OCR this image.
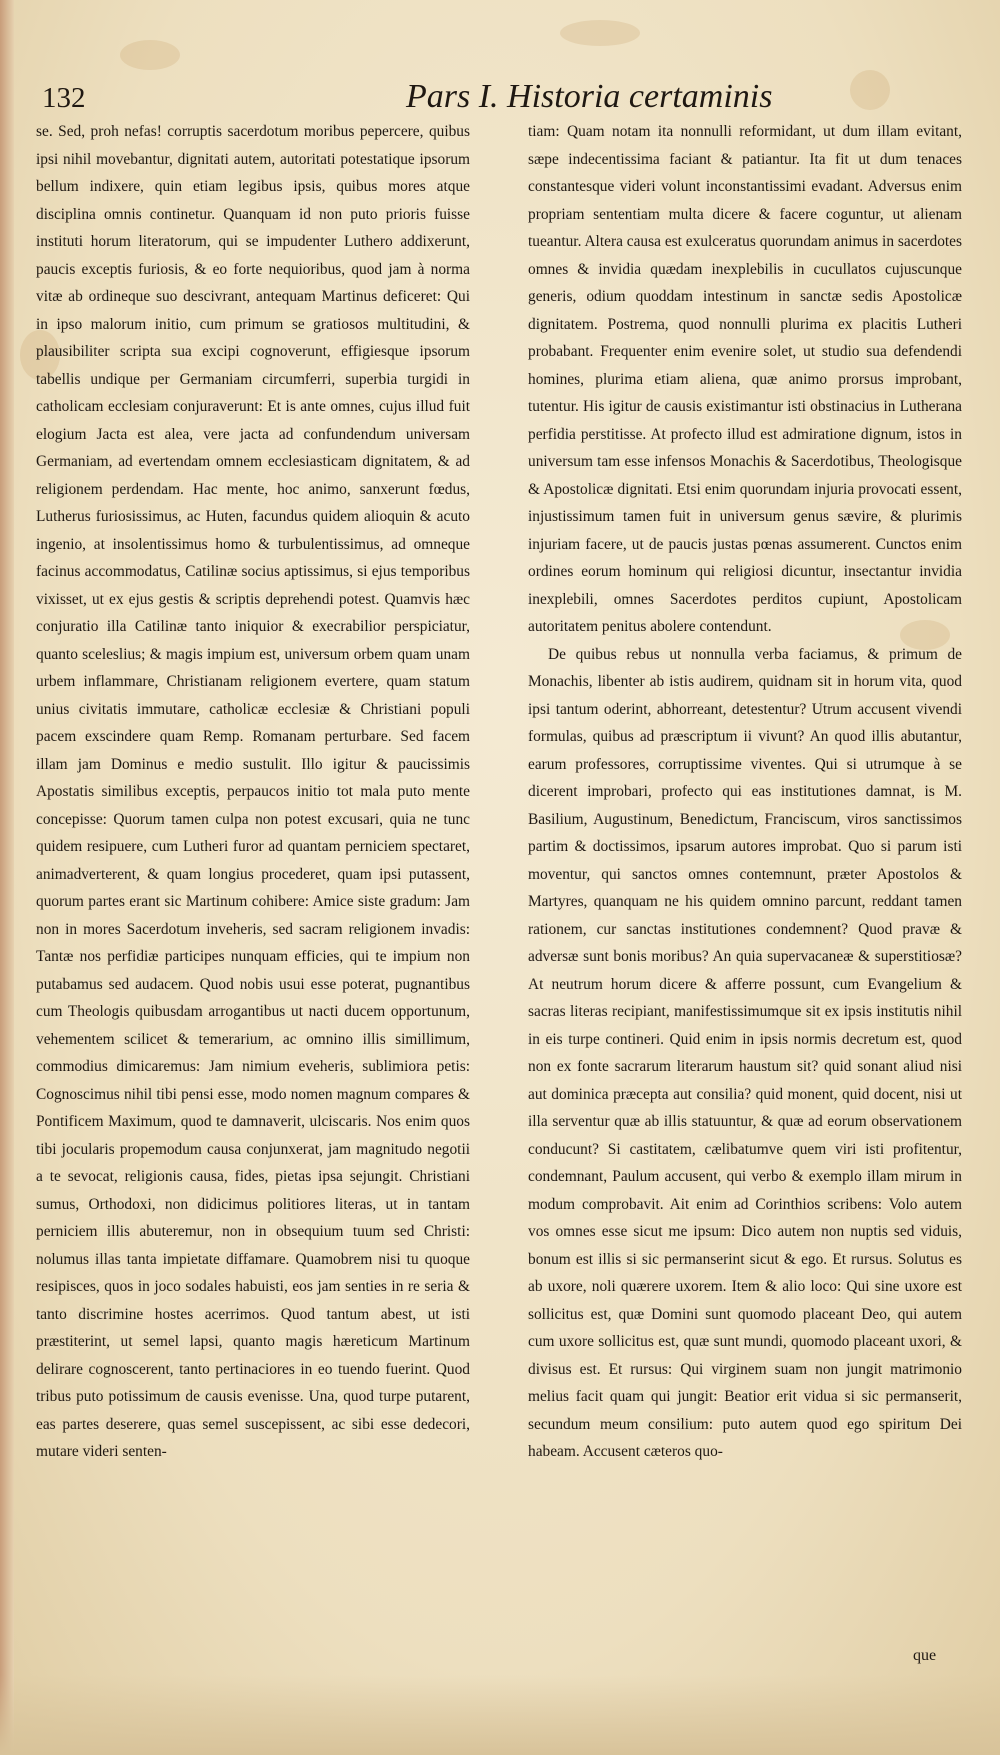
132	Pars I. Historia certaminis

se. Sed, proh nefas! corruptis sacerdotum moribus pepercere, quibus ipsi nihil movebantur, dignitati autem, autoritati potestatique ipsorum bellum indixere, quin etiam legibus ipsis, quibus mores atque disciplina omnis continetur. Quanquam id non puto prioris fuisse instituti horum literatorum, qui se impudenter Luthero addixerunt, paucis exceptis furiosis, & eo forte nequioribus, quod jam à norma vitæ ab ordineque suo descivrant, antequam Martinus deficeret: Qui in ipso malorum initio, cum primum se gratiosos multitudini, & plausibiliter scripta sua excipi cognoverunt, effigiesque ipsorum tabellis undique per Germaniam circumferri, superbia turgidi in catholicam ecclesiam conjuraverunt: Et is ante omnes, cujus illud fuit elogium Jacta est alea, vere jacta ad confundendum universam Germaniam, ad evertendam omnem ecclesiasticam dignitatem, & ad religionem perdendam. Hac mente, hoc animo, sanxerunt fœdus, Lutherus furiosissimus, ac Huten, facundus quidem alioquin & acuto ingenio, at insolentissimus homo & turbulentissimus, ad omneque facinus accommodatus, Catilinæ socius aptissimus, si ejus temporibus vixisset, ut ex ejus gestis & scriptis deprehendi potest. Quamvis hæc conjuratio illa Catilinæ tanto iniquior & execrabilior perspiciatur, quanto sceleslius; & magis impium est, universum orbem quam unam urbem inflammare, Christianam religionem evertere, quam statum unius civitatis immutare, catholicæ ecclesiæ & Christiani populi pacem exscindere quam Remp. Romanam perturbare. Sed facem illam jam Dominus e medio sustulit. Illo igitur & paucissimis Apostatis similibus exceptis, perpaucos initio tot mala puto mente concepisse: Quorum tamen culpa non potest excusari, quia ne tunc quidem resipuere, cum Lutheri furor ad quantam perniciem spectaret, animadverterent, & quam longius procederet, quam ipsi putassent, quorum partes erant sic Martinum cohibere: Amice siste gradum: Jam non in mores Sacerdotum inveheris, sed sacram religionem invadis: Tantæ nos perfidiæ participes nunquam efficies, qui te impium non putabamus sed audacem. Quod nobis usui esse poterat, pugnantibus cum Theologis quibusdam arrogantibus ut nacti ducem opportunum, vehementem scilicet & temerarium, ac omnino illis simillimum, commodius dimicaremus: Jam nimium eveheris, sublimiora petis: Cognoscimus nihil tibi pensi esse, modo nomen magnum compares & Pontificem Maximum, quod te damnaverit, ulciscaris. Nos enim quos tibi jocularis propemodum causa conjunxerat, jam magnitudo negotii a te sevocat, religionis causa, fides, pietas ipsa sejungit. Christiani sumus, Orthodoxi, non didicimus politiores literas, ut in tantam perniciem illis abuteremur, non in obsequium tuum sed Christi: nolumus illas tanta impietate diffamare. Quamobrem nisi tu quoque resipisces, quos in joco sodales habuisti, eos jam senties in re seria & tanto discrimine hostes acerrimos. Quod tantum abest, ut isti præstiterint, ut semel lapsi, quanto magis hæreticum Martinum delirare cognoscerent, tanto pertinaciores in eo tuendo fuerint. Quod tribus puto potissimum de causis evenisse. Una, quod turpe putarent, eas partes deserere, quas semel suscepissent, ac sibi esse dedecori, mutare videri senten-

tiam: Quam notam ita nonnulli reformidant, ut dum illam evitant, sæpe indecentissima faciant & patiantur. Ita fit ut dum tenaces constantesque videri volunt inconstantissimi evadant. Adversus enim propriam sententiam multa dicere & facere coguntur, ut alienam tueantur. Altera causa est exulceratus quorundam animus in sacerdotes omnes & invidia quædam inexplebilis in cucullatos cujuscunque generis, odium quoddam intestinum in sanctæ sedis Apostolicæ dignitatem. Postrema, quod nonnulli plurima ex placitis Lutheri probabant. Frequenter enim evenire solet, ut studio sua defendendi homines, plurima etiam aliena, quæ animo prorsus improbant, tutentur. His igitur de causis existimantur isti obstinacius in Lutherana perfidia perstitisse. At profecto illud est admiratione dignum, istos in universum tam esse infensos Monachis & Sacerdotibus, Theologisque & Apostolicæ dignitati. Etsi enim quorundam injuria provocati essent, injustissimum tamen fuit in universum genus sævire, & plurimis injuriam facere, ut de paucis justas pœnas assumerent. Cunctos enim ordines eorum hominum qui religiosi dicuntur, insectantur invidia inexplebili, omnes Sacerdotes perditos cupiunt, Apostolicam autoritatem penitus abolere contendunt.

De quibus rebus ut nonnulla verba faciamus, & primum de Monachis, libenter ab istis audirem, quidnam sit in horum vita, quod ipsi tantum oderint, abhorreant, detestentur? Utrum accusent vivendi formulas, quibus ad præscriptum ii vivunt? An quod illis abutantur, earum professores, corruptissime viventes. Qui si utrumque à se dicerent improbari, profecto qui eas institutiones damnat, is M. Basilium, Augustinum, Benedictum, Franciscum, viros sanctissimos partim & doctissimos, ipsarum autores improbat. Quo si parum isti moventur, qui sanctos omnes contemnunt, præter Apostolos & Martyres, quanquam ne his quidem omnino parcunt, reddant tamen rationem, cur sanctas institutiones condemnent? Quod pravæ & adversæ sunt bonis moribus? An quia supervacaneæ & superstitiosæ? At neutrum horum dicere & afferre possunt, cum Evangelium & sacras literas recipiant, manifestissimumque sit ex ipsis institutis nihil in eis turpe contineri. Quid enim in ipsis normis decretum est, quod non ex fonte sacrarum literarum haustum sit? quid sonant aliud nisi aut dominica præcepta aut consilia? quid monent, quid docent, nisi ut illa serventur quæ ab illis statuuntur, & quæ ad eorum observationem conducunt? Si castitatem, cælibatumve quem viri isti profitentur, condemnant, Paulum accusent, qui verbo & exemplo illam mirum in modum comprobavit. Ait enim ad Corinthios scribens: Volo autem vos omnes esse sicut me ipsum: Dico autem non nuptis sed viduis, bonum est illis si sic permanserint sicut & ego. Et rursus. Solutus es ab uxore, noli quærere uxorem. Item & alio loco: Qui sine uxore est sollicitus est, quæ Domini sunt quomodo placeant Deo, qui autem cum uxore sollicitus est, quæ sunt mundi, quomodo placeant uxori, & divisus est. Et rursus: Qui virginem suam non jungit matrimonio melius facit quam qui jungit: Beatior erit vidua si sic permanserit, secundum meum consilium: puto autem quod ego spiritum Dei habeam. Accusent cæteros quo-

que
